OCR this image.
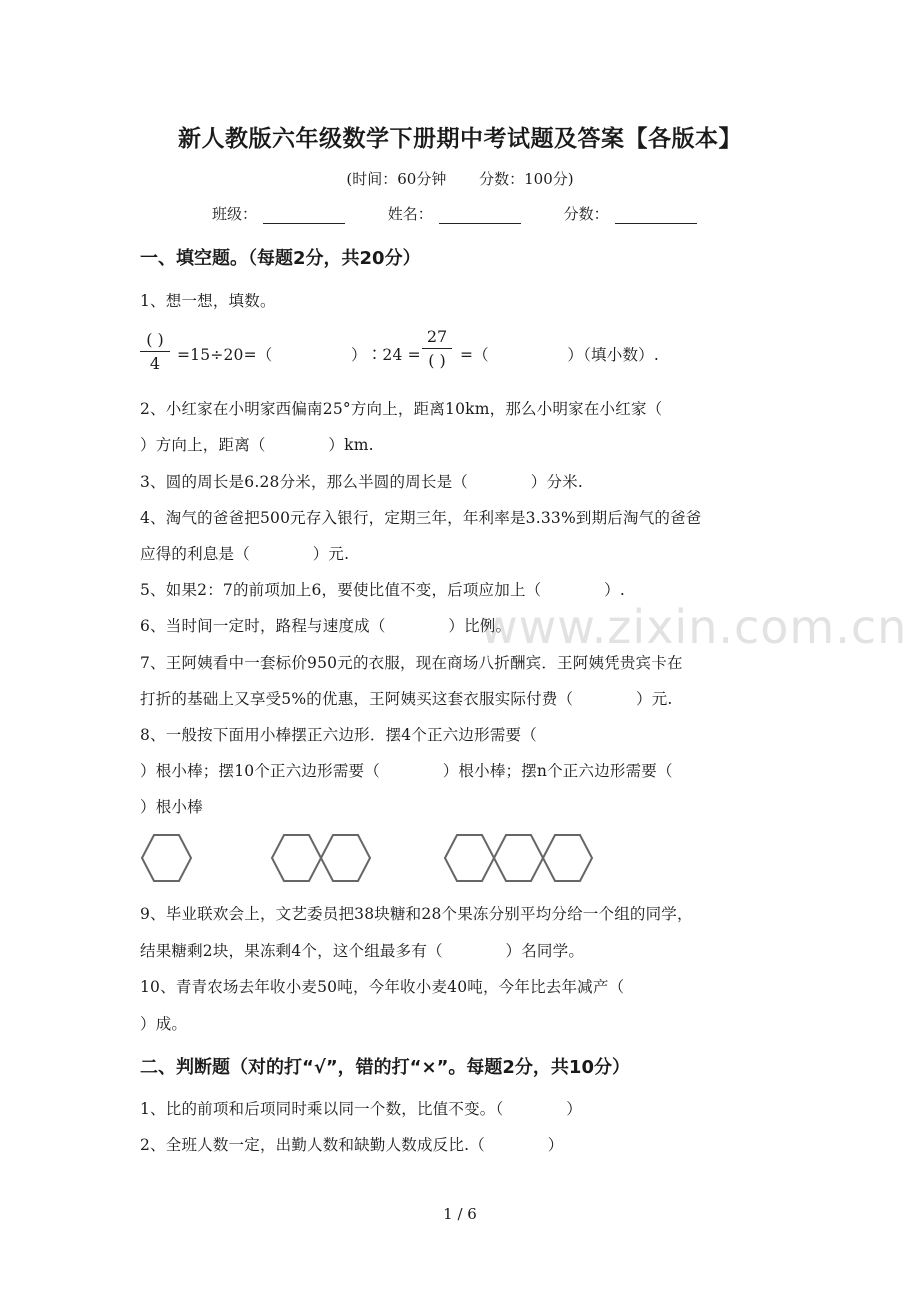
www.zixin.com.cn
新人教版六年级数学下册期中考试题及答案【各版本】
(时间：60分钟 分数：100分)
班级：	姓名：	分数：
一、填空题。（每题2分，共20分）
1、想一想，填数。
( )
4	=15÷20=（　　　　　）∶24 =
27
( ) =（　　　　　）（填小数）.
2、小红家在小明家西偏南25°方向上，距离10km，那么小明家在小红家（
）方向上，距离（　　　　）km.
3、圆的周长是6.28分米，那么半圆的周长是（　　　　）分米.
4、淘气的爸爸把500元存入银行，定期三年，年利率是3.33%到期后淘气的爸爸
应得的利息是（　　　　）元.
5、如果2：7的前项加上6，要使比值不变，后项应加上（　　　　）.
6、当时间一定时，路程与速度成（　　　　）比例。
7、王阿姨看中一套标价950元的衣服，现在商场八折酬宾．王阿姨凭贵宾卡在
打折的基础上又享受5%的优惠，王阿姨买这套衣服实际付费（　　　　）元.
8、一般按下面用小棒摆正六边形．摆4个正六边形需要（
）根小棒；摆10个正六边形需要（　　　　）根小棒；摆n个正六边形需要（
）根小棒
9、毕业联欢会上，文艺委员把38块糖和28个果冻分别平均分给一个组的同学，
结果糖剩2块，果冻剩4个，这个组最多有（　　　　）名同学。
10、青青农场去年收小麦50吨，今年收小麦40吨，今年比去年减产（
）成。
二、判断题（对的打“√”，错的打“×”。每题2分，共10分）
1、比的前项和后项同时乘以同一个数，比值不变。（　　　　）
2、全班人数一定，出勤人数和缺勤人数成反比.（　　　　）
1 / 6
